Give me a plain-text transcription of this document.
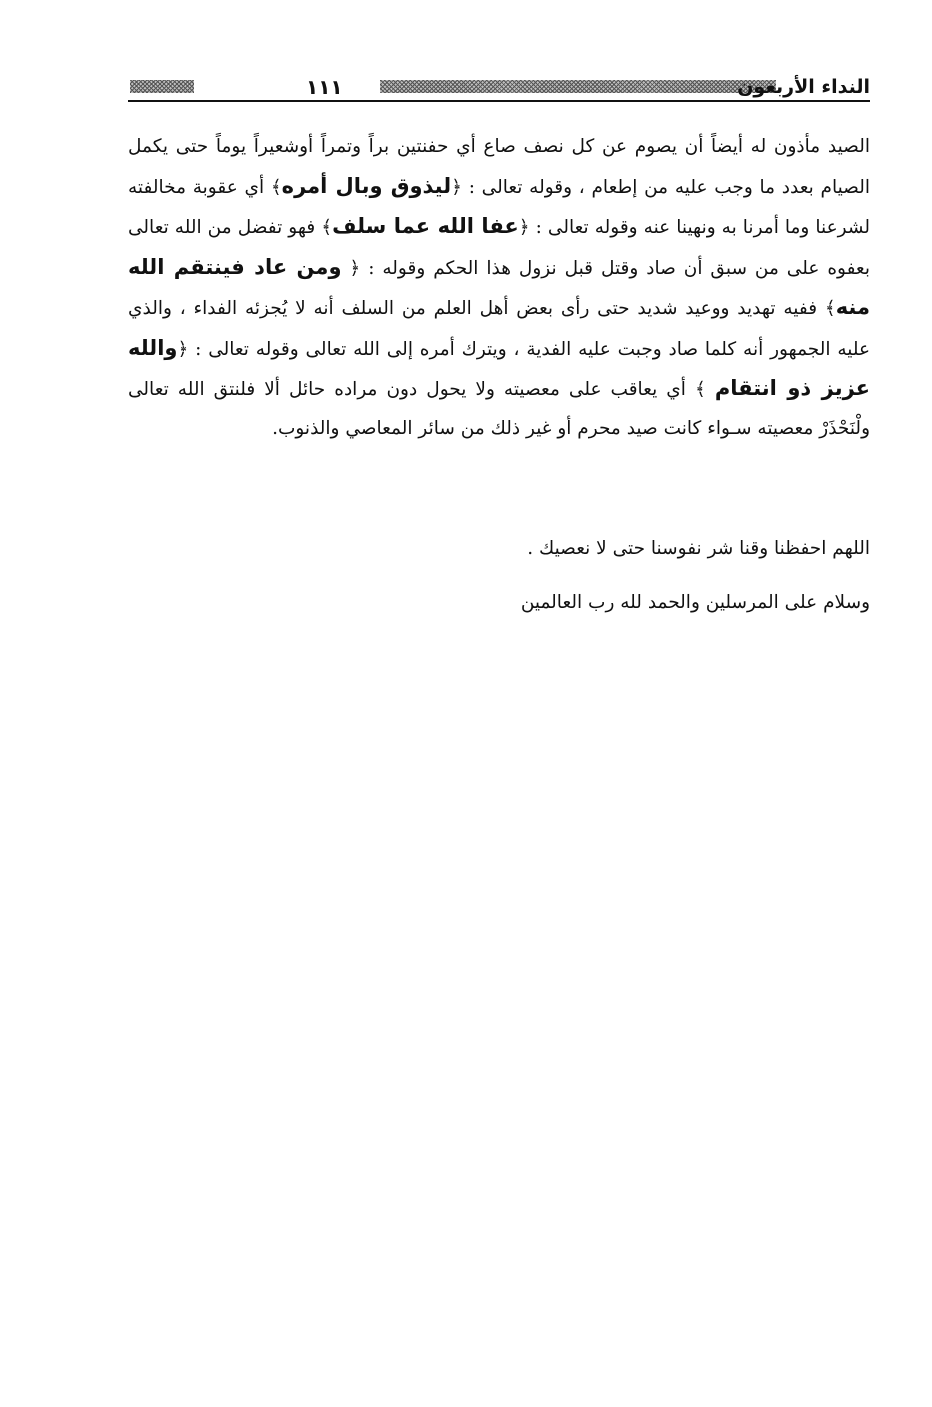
١١١	النداء الأربعون

الصيد مأذون له أيضاً أن يصوم عن كل نصف صاع أي حفنتين براً وتمراً أوشعيراً يوماً حتى يكمل الصيام بعدد ما وجب عليه من إطعام ، وقوله تعالى : ﴿ليذوق وبال أمره﴾ أي عقوبة مخالفته لشرعنا وما أمرنا به ونهينا عنه وقوله تعالى : ﴿عفا الله عما سلف﴾ فهو تفضل من الله تعالى بعفوه على من سبق أن صاد وقتل قبل نزول هذا الحكم وقوله : ﴿ ومن عاد فينتقم الله منه﴾ ففيه تهديد ووعيد شديد حتى رأى بعض أهل العلم من السلف أنه لا يُجزئه الفداء ، والذي عليه الجمهور أنه كلما صاد وجبت عليه الفدية ، ويترك أمره إلى الله تعالى وقوله تعالى : ﴿والله عزيز ذو انتقام ﴾ أي يعاقب على معصيته ولا يحول دون مراده حائل ألا فلنتق الله تعالى ولْنَحْذَرْ معصيته سـواء كانت صيد محرم أو غير ذلك من سائر المعاصي والذنوب.

اللهم احفظنا وقنا شر نفوسنا حتى لا نعصيك .

وسلام على المرسلين والحمد لله رب العالمين
